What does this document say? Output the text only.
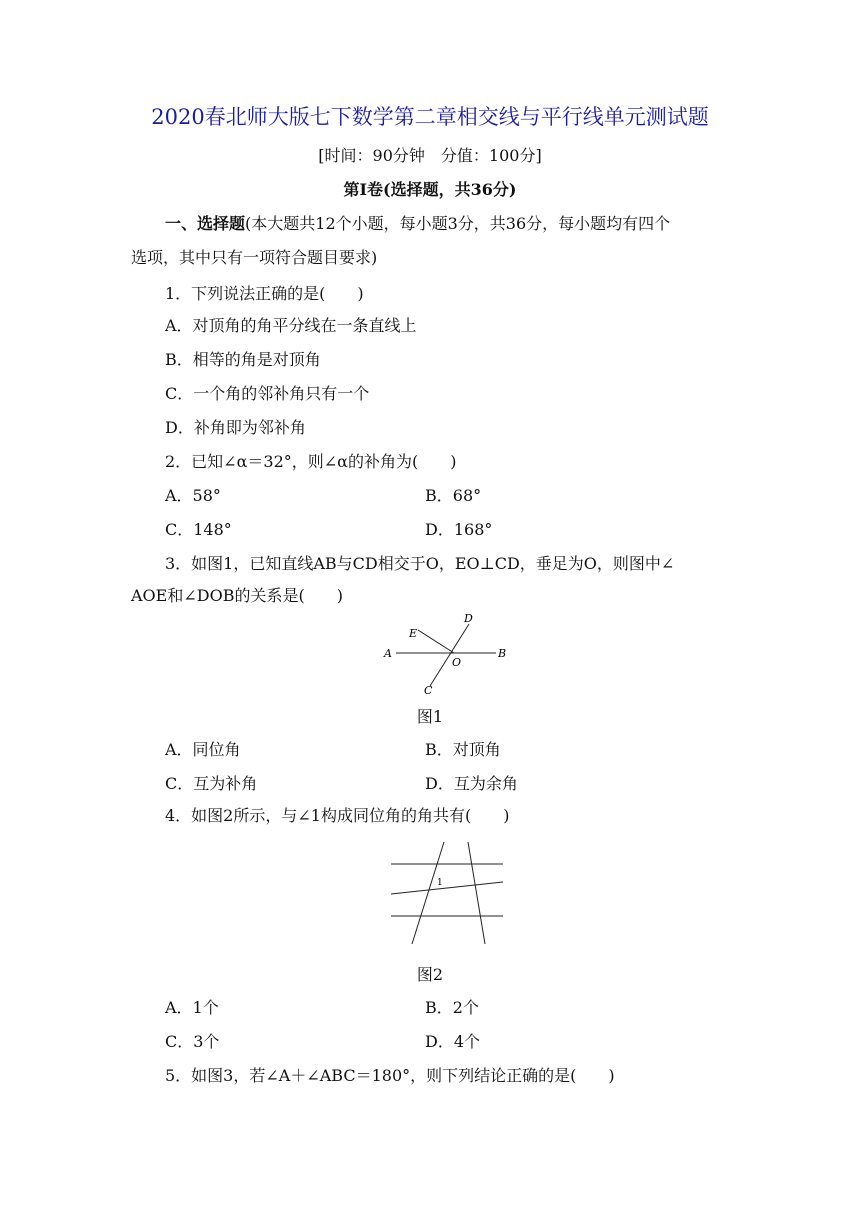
2020春北师大版七下数学第二章相交线与平行线单元测试题
[时间：90分钟　分值：100分]
第Ⅰ卷(选择题，共36分)
一、选择题(本大题共12个小题，每小题3分，共36分，每小题均有四个
选项，其中只有一项符合题目要求)
1．下列说法正确的是(　　)
A．对顶角的角平分线在一条直线上
B．相等的角是对顶角
C．一个角的邻补角只有一个
D．补角即为邻补角
2．已知∠α＝32°，则∠α的补角为(　　)
A．58°	B．68°
C．148°	D．168°
3．如图1，已知直线AB与CD相交于O，EO⊥CD，垂足为O，则图中∠
AOE和∠DOB的关系是(　　)
A	B
C
D
E
O
图1
A．同位角	B．对顶角
C．互为补角	D．互为余角
4．如图2所示，与∠1构成同位角的角共有(　　)
1
图2
A．1个	B．2个
C．3个	D．4个
5．如图3，若∠A＋∠ABC＝180°，则下列结论正确的是(　　)
